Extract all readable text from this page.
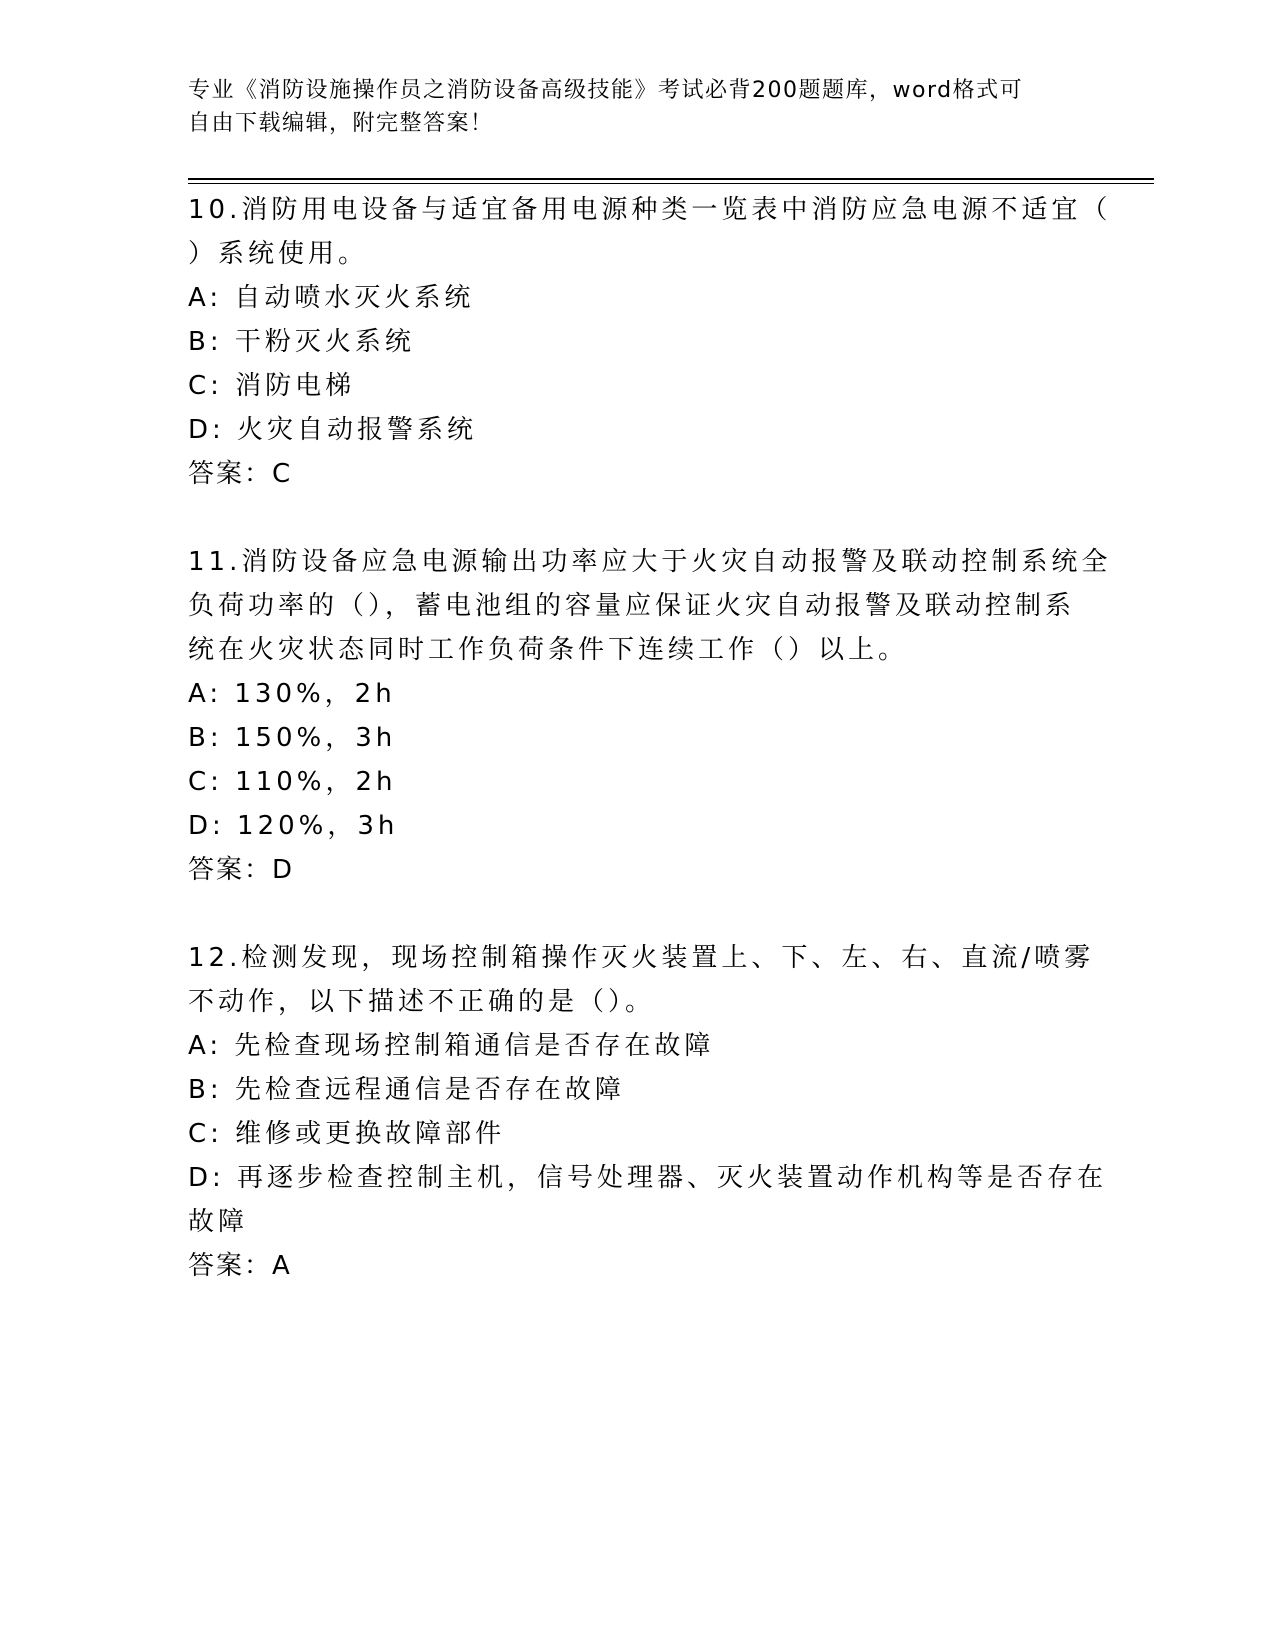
专业《消防设施操作员之消防设备高级技能》考试必背200题题库，word格式可
自由下载编辑，附完整答案！
10.消防用电设备与适宜备用电源种类一览表中消防应急电源不适宜（
）系统使用。
A: 自动喷水灭火系统
B: 干粉灭火系统
C: 消防电梯
D: 火灾自动报警系统
答案：C
11.消防设备应急电源输出功率应大于火灾自动报警及联动控制系统全
负荷功率的（），蓄电池组的容量应保证火灾自动报警及联动控制系
统在火灾状态同时工作负荷条件下连续工作（）以上。
A: 130%，2h
B: 150%，3h
C: 110%，2h
D: 120%，3h
答案：D
12.检测发现，现场控制箱操作灭火装置上、下、左、右、直流/喷雾
不动作，以下描述不正确的是（）。
A: 先检查现场控制箱通信是否存在故障
B: 先检查远程通信是否存在故障
C: 维修或更换故障部件
D: 再逐步检查控制主机，信号处理器、灭火装置动作机构等是否存在
故障
答案：A
